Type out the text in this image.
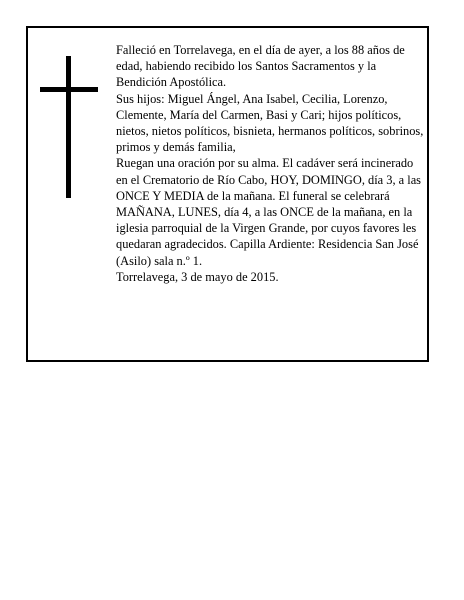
Falleció en Torrelavega, en el día de ayer, a los 88 años de edad, habiendo recibido los Santos Sacramentos y la Bendición Apostólica.

Sus hijos: Miguel Ángel, Ana Isabel, Cecilia, Lorenzo, Clemente, María del Carmen, Basi y Cari; hijos políticos, nietos, nietos políticos, bisnieta, hermanos políticos, sobrinos, primos y demás familia,

Ruegan una oración por su alma. El cadáver será incinerado en el Crematorio de Río Cabo, HOY, DOMINGO, día 3, a las ONCE Y MEDIA de la mañana. El funeral se celebrará MAÑANA, LUNES, día 4, a las ONCE de la mañana, en la iglesia parroquial de la Virgen Grande, por cuyos favores les quedaran agradecidos. Capilla Ardiente: Residencia San José (Asilo) sala n.º 1.

Torrelavega, 3 de mayo de 2015.
